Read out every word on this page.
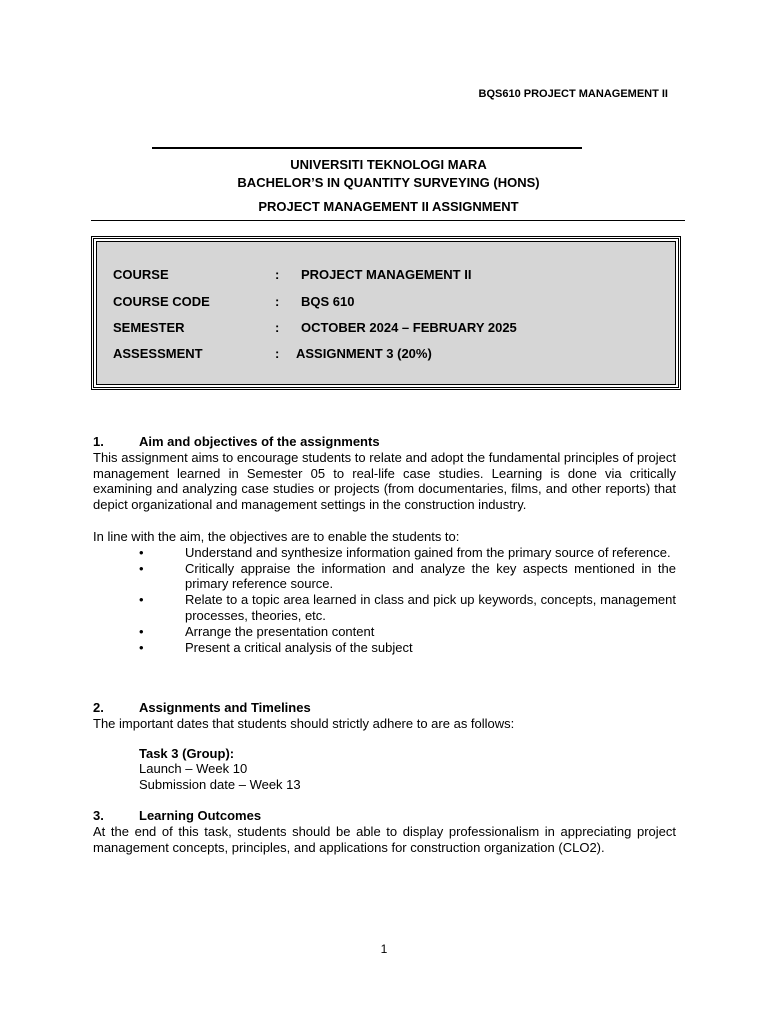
BQS610 PROJECT MANAGEMENT II
UNIVERSITI TEKNOLOGI MARA
BACHELOR’S IN QUANTITY SURVEYING (HONS)
PROJECT MANAGEMENT II ASSIGNMENT
COURSE	:	PROJECT MANAGEMENT II
COURSE CODE	:	BQS 610
SEMESTER	:	OCTOBER 2024 – FEBRUARY 2025
ASSESSMENT	:	ASSIGNMENT 3 (20%)
1.	Aim and objectives of the assignments
This assignment aims to encourage students to relate and adopt the fundamental principles of project management learned in Semester 05 to real-life case studies. Learning is done via critically examining and analyzing case studies or projects (from documentaries, films, and other reports) that depict organizational and management settings in the construction industry.
In line with the aim, the objectives are to enable the students to:
•	Understand and synthesize information gained from the primary source of reference.
•	Critically appraise the information and analyze the key aspects mentioned in the primary reference source.
•	Relate to a topic area learned in class and pick up keywords, concepts, management processes, theories, etc.
•	Arrange the presentation content
•	Present a critical analysis of the subject
2.	Assignments and Timelines
The important dates that students should strictly adhere to are as follows:
Task 3 (Group):
Launch – Week 10
Submission date – Week 13
3.	Learning Outcomes
At the end of this task, students should be able to display professionalism in appreciating project management concepts, principles, and applications for construction organization (CLO2).
1
